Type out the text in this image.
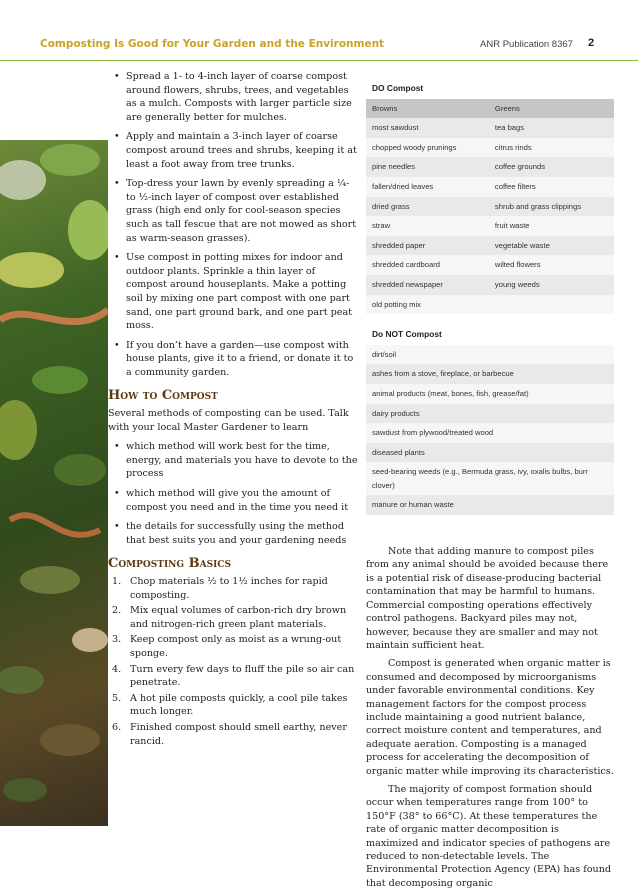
Composting Is Good for Your Garden and the Environment	ANR Publication 8367 2
• Spread a 1- to 4-inch layer of coarse compost around flowers, shrubs, trees, and vegetables as a mulch. Composts with larger particle size are generally better for mulches.
• Apply and maintain a 3-inch layer of coarse compost around trees and shrubs, keeping it at least a foot away from tree trunks.
• Top-dress your lawn by evenly spreading a ¼- to ½-inch layer of compost over established grass (high end only for cool-season species such as tall fescue that are not mowed as short as warm-season grasses).
• Use compost in potting mixes for indoor and outdoor plants. Sprinkle a thin layer of compost around houseplants. Make a potting soil by mixing one part compost with one part sand, one part ground bark, and one part peat moss.
• If you don’t have a garden—use compost with house plants, give it to a friend, or donate it to a community garden.
How to Compost

Several methods of composting can be used. Talk with your local Master Gardener to learn

• which method will work best for the time, energy, and materials you have to devote to the process
• which method will give you the amount of compost you need and in the time you need it
• the details for successfully using the method that best suits you and your gardening needs
Composting Basics
1. Chop materials ½ to 1½ inches for rapid composting.
2. Mix equal volumes of carbon-rich dry brown and nitrogen-rich green plant materials.
3. Keep compost only as moist as a wrung-out sponge.
4. Turn every few days to fluff the pile so air can penetrate.
5. A hot pile composts quickly, a cool pile takes much longer.
6. Finished compost should smell earthy, never rancid.
DO Compost
Browns	Greens
most sawdust	tea bags
chopped woody prunings	citrus rinds
pine needles	coffee grounds
fallen/dried leaves	coffee filters
dried grass	shrub and grass clippings
straw	fruit waste
shredded paper	vegetable waste
shredded cardboard	wilted flowers
shredded newspaper	young weeds
old potting mix	
Do NOT Compost
dirt/soil
ashes from a stove, fireplace, or barbecue
animal products (meat, bones, fish, grease/fat)
dairy products
sawdust from plywood/treated wood
diseased plants
seed-bearing weeds (e.g., Bermuda grass, ivy, oxalis bulbs, burr clover)
manure or human waste

Note that adding manure to compost piles from any animal should be avoided because there is a potential risk of disease-producing bacterial contamination that may be harmful to humans. Commercial composting operations effectively control pathogens. Backyard piles may not, however, because they are smaller and may not maintain sufficient heat.

Compost is generated when organic matter is consumed and decomposed by microorganisms under favorable environmental conditions. Key management factors for the compost process include maintaining a good nutrient balance, correct moisture content and temperatures, and adequate aeration. Composting is a managed process for accelerating the decomposition of organic matter while improving its characteristics.

The majority of compost formation should occur when temperatures range from 100° to 150°F (38° to 66°C). At these temperatures the rate of organic matter decomposition is maximized and indicator species of pathogens are reduced to non-detectable levels. The Environmental Protection Agency (EPA) has found that decomposing organic
